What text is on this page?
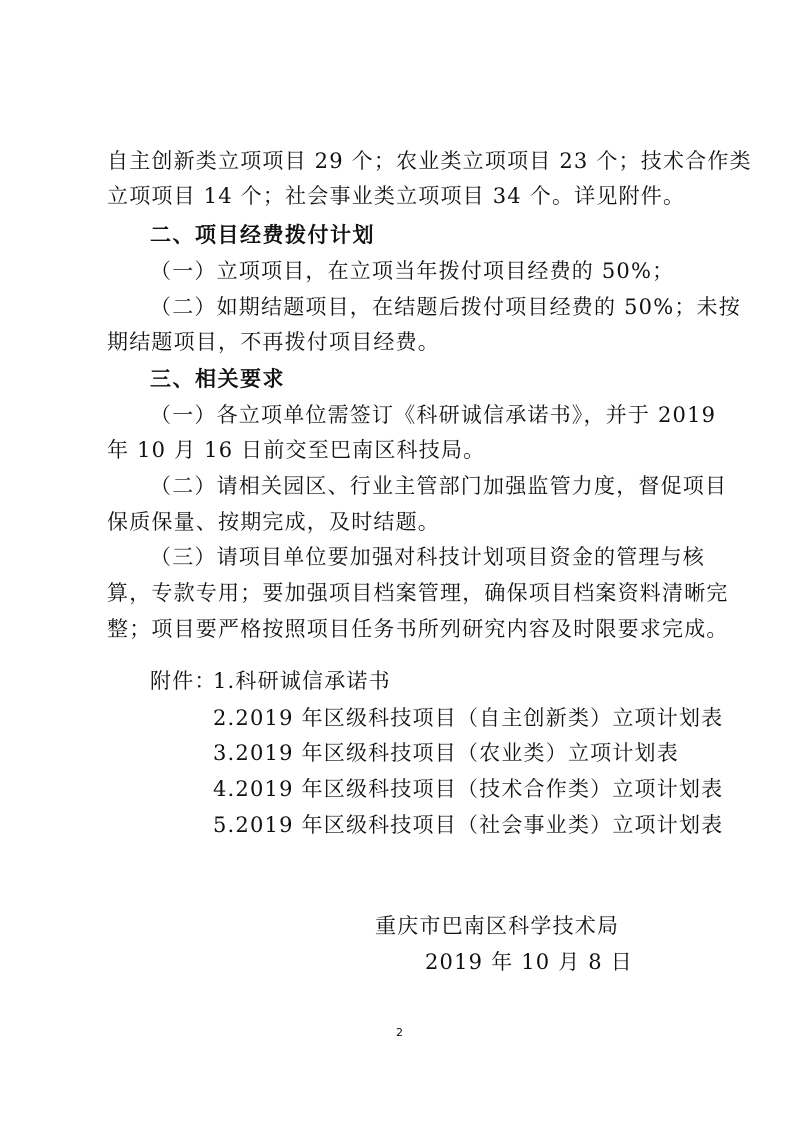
自主创新类立项项目 29 个；农业类立项项目 23 个；技术合作类
立项项目 14 个；社会事业类立项项目 34 个。详见附件。
二、项目经费拨付计划
（一）立项项目，在立项当年拨付项目经费的 50%；
（二）如期结题项目，在结题后拨付项目经费的 50%；未按
期结题项目，不再拨付项目经费。
三、相关要求
（一）各立项单位需签订《科研诚信承诺书》，并于 2019
年 10 月 16 日前交至巴南区科技局。
（二）请相关园区、行业主管部门加强监管力度，督促项目
保质保量、按期完成，及时结题。
（三）请项目单位要加强对科技计划项目资金的管理与核
算，专款专用；要加强项目档案管理，确保项目档案资料清晰完
整；项目要严格按照项目任务书所列研究内容及时限要求完成。
附件：
1.科研诚信承诺书
2.2019 年区级科技项目（自主创新类）立项计划表
3.2019 年区级科技项目（农业类）立项计划表
4.2019 年区级科技项目（技术合作类）立项计划表
5.2019 年区级科技项目（社会事业类）立项计划表
重庆市巴南区科学技术局
2019 年 10 月 8 日
2
